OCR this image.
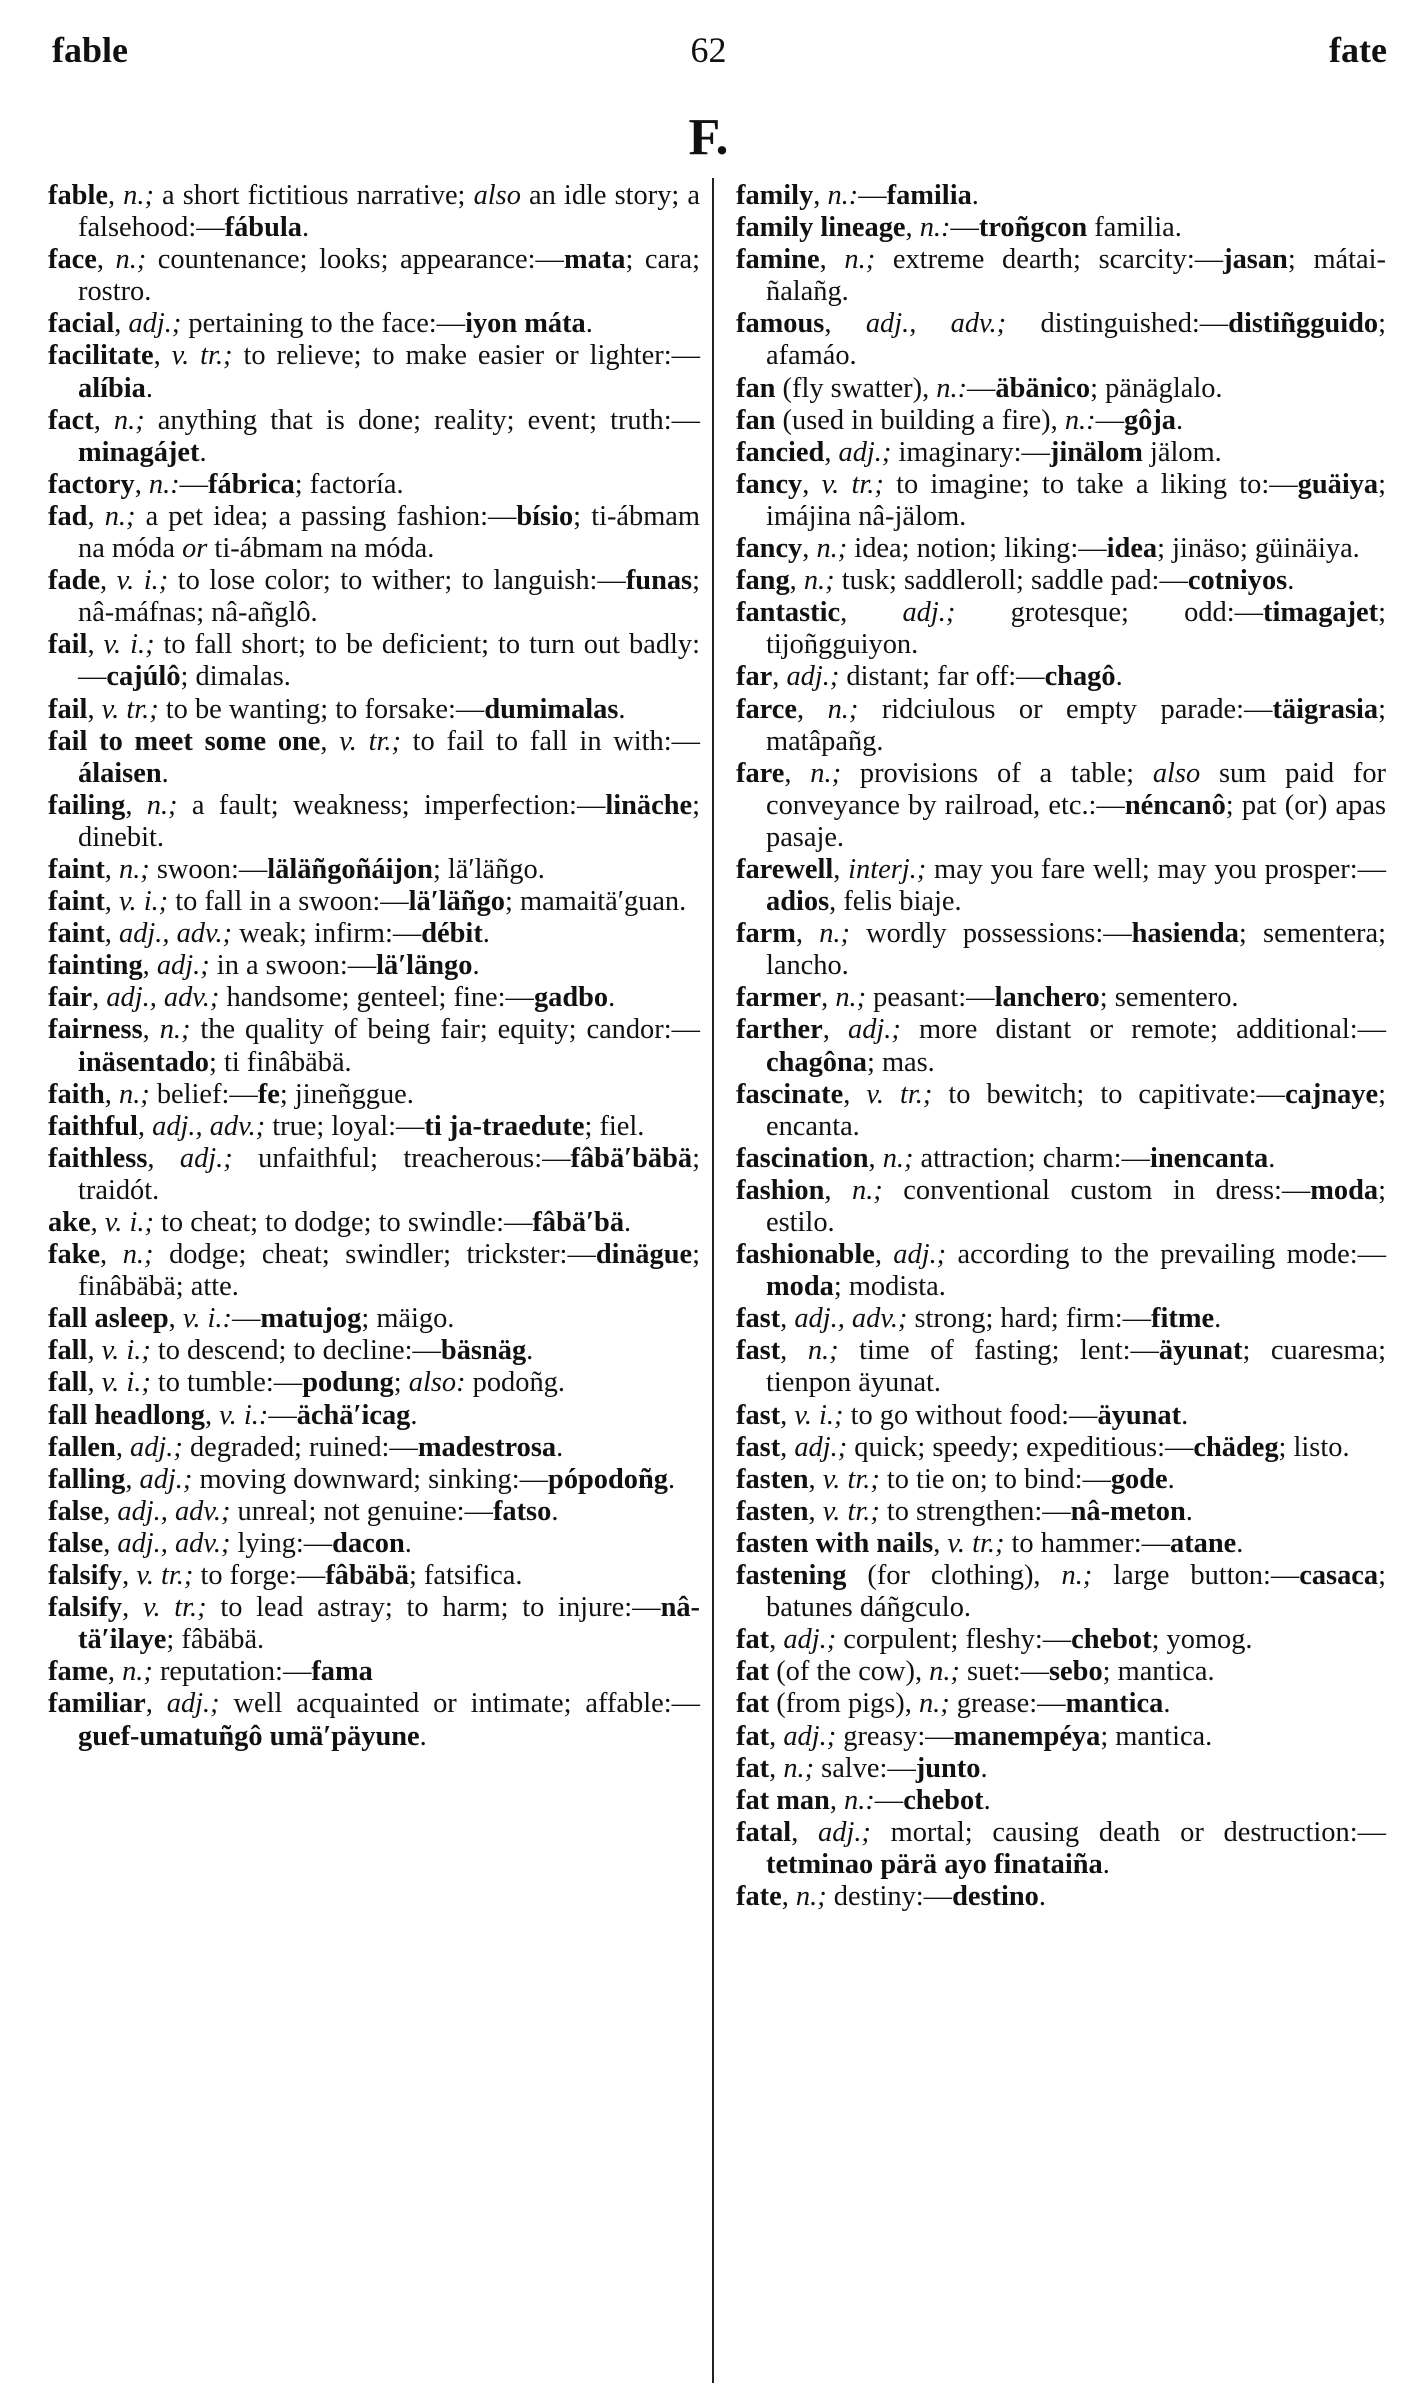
fable	62	fate
F.

fable, n.; a short fictitious narrative; also an idle story; a falsehood:—fábula.

face, n.; countenance; looks; appearance:—mata; cara; rostro.

facial, adj.; pertaining to the face:—iyon máta.

facilitate, v. tr.; to relieve; to make easier or lighter:—alíbia.

fact, n.; anything that is done; reality; event; truth:—minagájet.

factory, n.:—fábrica; factoría.

fad, n.; a pet idea; a passing fashion:—bísio; ti-ábmam na móda or ti-ábmam na móda.

fade, v. i.; to lose color; to wither; to languish:—funas; nâ-máfnas; nâ-añglô.

fail, v. i.; to fall short; to be deficient; to turn out badly:—cajúlô; dimalas.

fail, v. tr.; to be wanting; to forsake:—dumimalas.

fail to meet some one, v. tr.; to fail to fall in with:—álaisen.

failing, n.; a fault; weakness; imperfection:—linäche; dinebit.

faint, n.; swoon:—läläñgoñáijon; lä′läñgo.

faint, v. i.; to fall in a swoon:—lä′läñgo; mamaitä′guan.

faint, adj., adv.; weak; infirm:—débit.

fainting, adj.; in a swoon:—lä′längo.

fair, adj., adv.; handsome; genteel; fine:—gadbo.

fairness, n.; the quality of being fair; equity; candor:—inäsentado; ti finâbäbä.

faith, n.; belief:—fe; jineñggue.

faithful, adj., adv.; true; loyal:—ti ja-traedute; fiel.

faithless, adj.; unfaithful; treacherous:—fâbä′bäbä; traidót.

ake, v. i.; to cheat; to dodge; to swindle:—fâbä′bä.

fake, n.; dodge; cheat; swindler; trickster:—dinägue; finâbäbä; atte.

fall asleep, v. i.:—matujog; mäigo.

fall, v. i.; to descend; to decline:—bäsnäg.

fall, v. i.; to tumble:—podung; also: podoñg.

fall headlong, v. i.:—ächä′icag.

fallen, adj.; degraded; ruined:—madestrosa.

falling, adj.; moving downward; sinking:—pópodoñg.

false, adj., adv.; unreal; not genuine:—fatso.

false, adj., adv.; lying:—dacon.

falsify, v. tr.; to forge:—fâbäbä; fatsifica.

falsify, v. tr.; to lead astray; to harm; to injure:—nâ-tä′ilaye; fâbäbä.

fame, n.; reputation:—fama

familiar, adj.; well acquainted or intimate; affable:—guef-umatuñgô umä′päyune.

family, n.:—familia.

family lineage, n.:—troñgcon familia.

famine, n.; extreme dearth; scarcity:—jasan; mátai-ñalañg.

famous, adj., adv.; distinguished:—distiñgguido; afamáo.

fan (fly swatter), n.:—äbänico; pänäglalo.

fan (used in building a fire), n.:—gôja.

fancied, adj.; imaginary:—jinälom jälom.

fancy, v. tr.; to imagine; to take a liking to:—guäiya; imájina nâ-jälom.

fancy, n.; idea; notion; liking:—idea; jinäso; güinäiya.

fang, n.; tusk; saddleroll; saddle pad:—cotniyos.

fantastic, adj.; grotesque; odd:—timagajet; tijoñgguiyon.

far, adj.; distant; far off:—chagô.

farce, n.; ridciulous or empty parade:—täigrasia; matâpañg.

fare, n.; provisions of a table; also sum paid for conveyance by railroad, etc.:—néncanô; pat (or) apas pasaje.

farewell, interj.; may you fare well; may you prosper:—adios, felis biaje.

farm, n.; wordly possessions:—hasienda; sementera; lancho.

farmer, n.; peasant:—lanchero; sementero.

farther, adj.; more distant or remote; additional:—chagôna; mas.

fascinate, v. tr.; to bewitch; to capitivate:—cajnaye; encanta.

fascination, n.; attraction; charm:—inencanta.

fashion, n.; conventional custom in dress:—moda; estilo.

fashionable, adj.; according to the prevailing mode:—moda; modista.

fast, adj., adv.; strong; hard; firm:—fitme.

fast, n.; time of fasting; lent:—äyunat; cuaresma; tienpon äyunat.

fast, v. i.; to go without food:—äyunat.

fast, adj.; quick; speedy; expeditious:—chädeg; listo.

fasten, v. tr.; to tie on; to bind:—gode.

fasten, v. tr.; to strengthen:—nâ-meton.

fasten with nails, v. tr.; to hammer:—atane.

fastening (for clothing), n.; large button:—casaca; batunes dáñgculo.

fat, adj.; corpulent; fleshy:—chebot; yomog.

fat (of the cow), n.; suet:—sebo; mantica.

fat (from pigs), n.; grease:—mantica.

fat, adj.; greasy:—manempéya; mantica.

fat, n.; salve:—junto.

fat man, n.:—chebot.

fatal, adj.; mortal; causing death or destruction:—tetminao pärä ayo finataiña.

fate, n.; destiny:—destino.
